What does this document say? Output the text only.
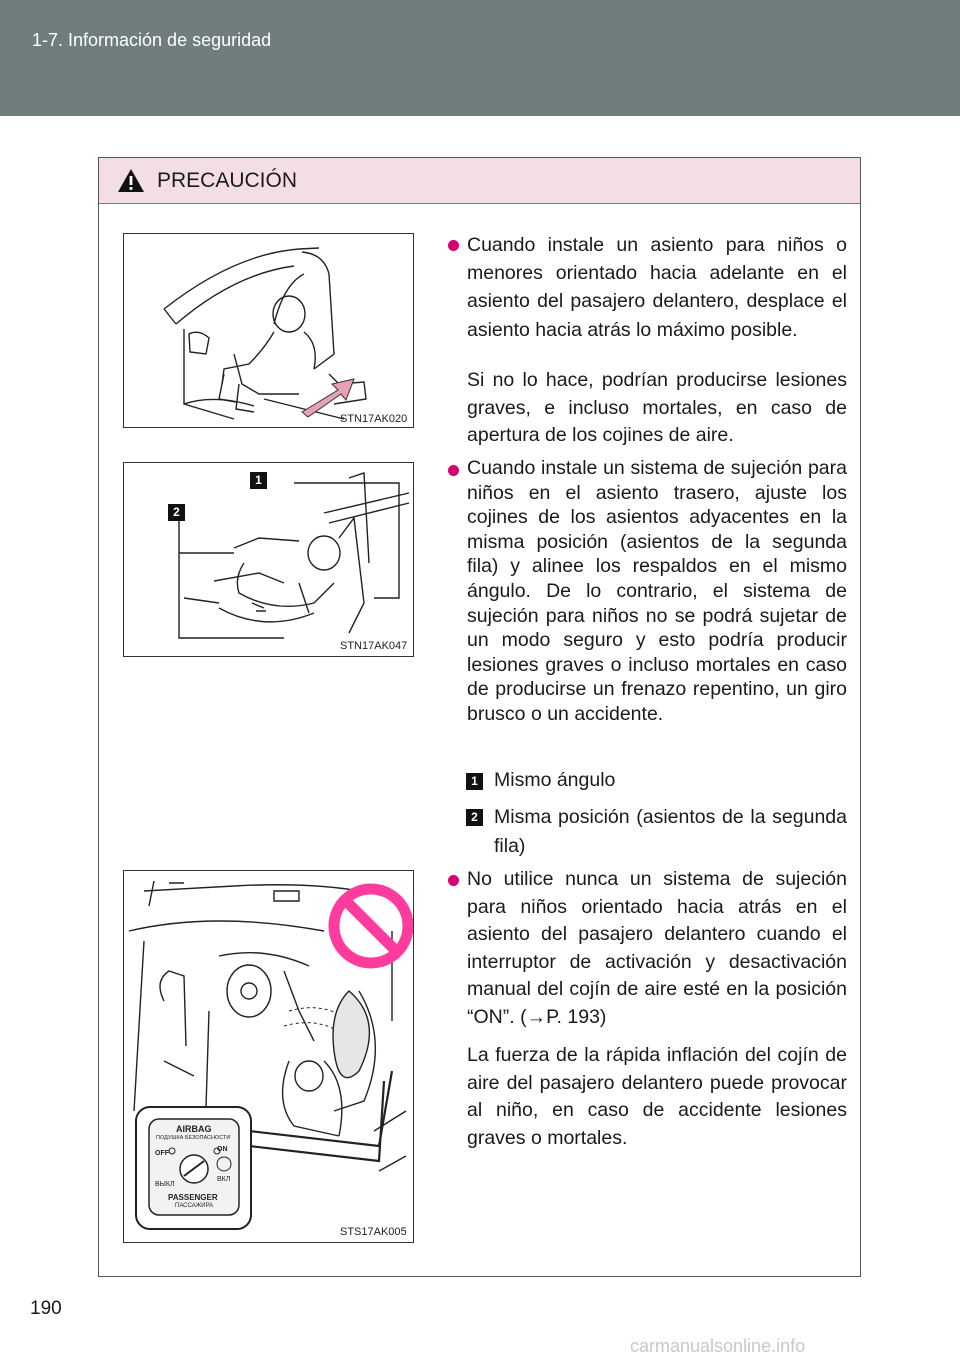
1-7. Información de seguridad
PRECAUCIÓN
STN17AK020
1
2
STN17AK047
AIRBAG
ПОДУШКА БЕЗОПАСНОСТИ
OFF
ON
ВЫКЛ
ВКЛ
PASSENGER
ПАССАЖИРА
STS17AK005
Cuando instale un asiento para niños o menores orientado hacia adelante en el asiento del pasajero delantero, desplace el asiento hacia atrás lo máximo posible.
Si no lo hace, podrían producirse lesiones graves, e incluso mortales, en caso de apertura de los cojines de aire.
Cuando instale un sistema de sujeción para niños en el asiento trasero, ajuste los cojines de los asientos adyacentes en la misma posición (asientos de la segunda fila) y alinee los respaldos en el mismo ángulo. De lo contrario, el sistema de sujeción para niños no se podrá sujetar de un modo seguro y esto podría producir lesiones graves o incluso mortales en caso de producirse un frenazo repentino, un giro brusco o un accidente.
1 Mismo ángulo
2 Misma posición (asientos de la segunda fila)
No utilice nunca un sistema de sujeción para niños orientado hacia atrás en el asiento del pasajero delantero cuando el interruptor de activación y desactivación manual del cojín de aire esté en la posición “ON”. (→P. 193)
La fuerza de la rápida inflación del cojín de aire del pasajero delantero puede provocar al niño, en caso de accidente lesiones graves o mortales.
190
carmanualsonline.info
